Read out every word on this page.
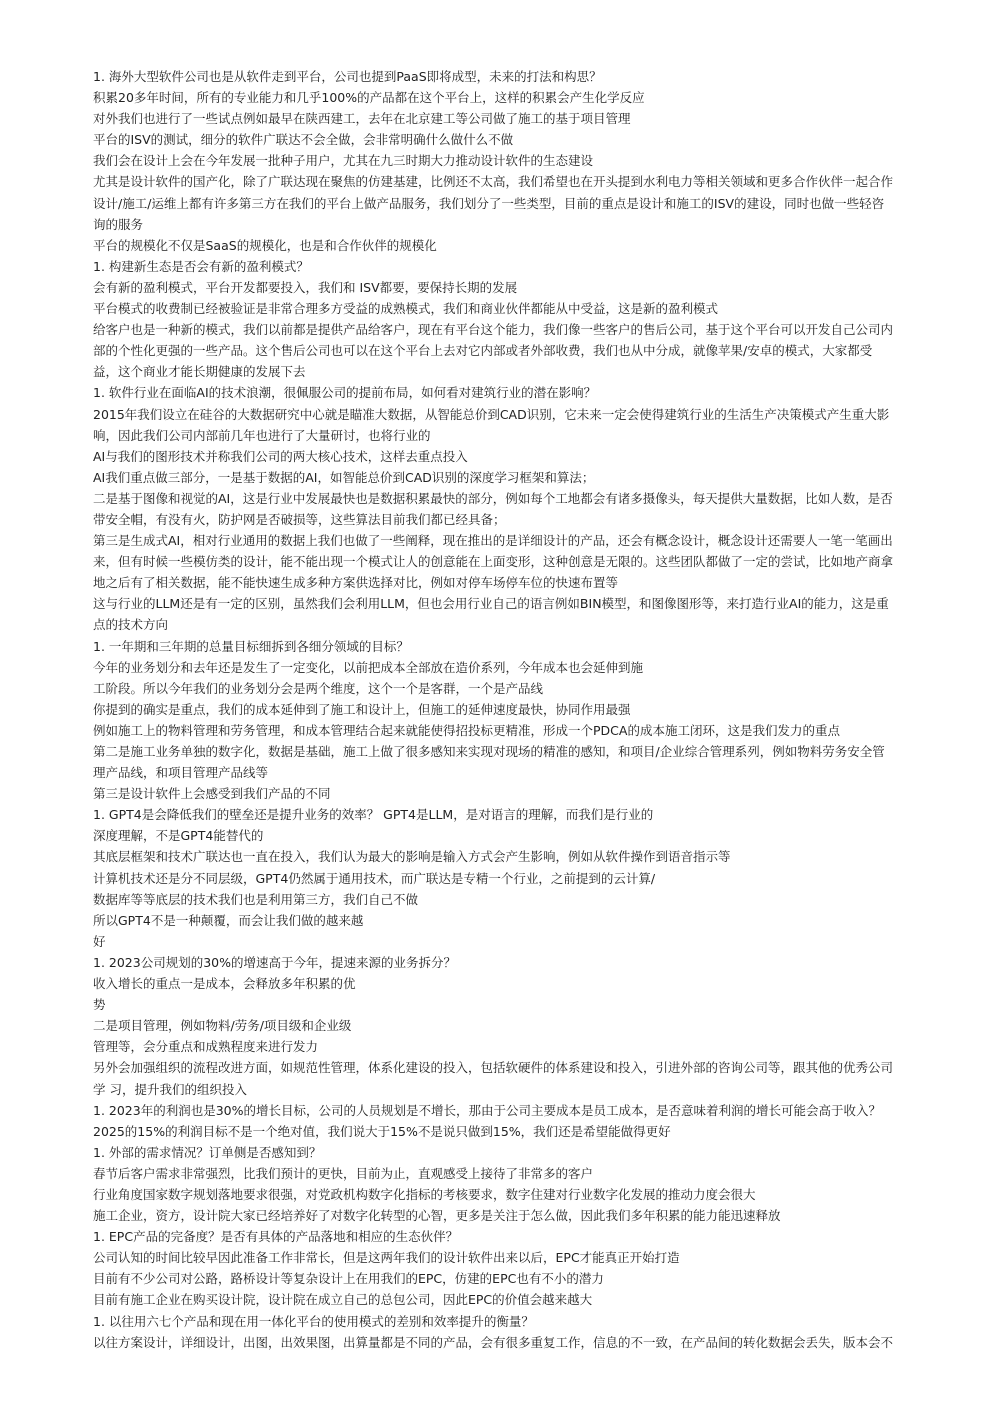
1. 海外大型软件公司也是从软件走到平台，公司也提到PaaS即将成型，未来的打法和构思？

积累20多年时间，所有的专业能力和几乎100%的产品都在这个平台上，这样的积累会产生化学反应

对外我们也进行了一些试点例如最早在陕西建工，去年在北京建工等公司做了施工的基于项目管理

平台的ISV的测试，细分的软件广联达不会全做，会非常明确什么做什么不做

我们会在设计上会在今年发展一批种子用户，尤其在九三时期大力推动设计软件的生态建设

尤其是设计软件的国产化，除了广联达现在聚焦的仿建基建，比例还不太高，我们希望也在开头提到水利电力等相关领域和更多合作伙伴一起合作

设计/施工/运维上都有许多第三方在我们的平台上做产品服务，我们划分了一些类型，目前的重点是设计和施工的ISV的建设，同时也做一些轻咨

询的服务

平台的规模化不仅是SaaS的规模化，也是和合作伙伴的规模化

1. 构建新生态是否会有新的盈利模式？

会有新的盈利模式，平台开发都要投入，我们和 ISV都要，要保持长期的发展

平台模式的收费制已经被验证是非常合理多方受益的成熟模式，我们和商业伙伴都能从中受益，这是新的盈利模式

给客户也是一种新的模式，我们以前都是提供产品给客户，现在有平台这个能力，我们像一些客户的售后公司，基于这个平台可以开发自己公司内

部的个性化更强的一些产品。这个售后公司也可以在这个平台上去对它内部或者外部收费，我们也从中分成，就像苹果/安卓的模式，大家都受

益，这个商业才能长期健康的发展下去

1. 软件行业在面临AI的技术浪潮，很佩服公司的提前布局，如何看对建筑行业的潜在影响？

2015年我们设立在硅谷的大数据研究中心就是瞄准大数据，从智能总价到CAD识别，它未来一定会使得建筑行业的生活生产决策模式产生重大影

响，因此我们公司内部前几年也进行了大量研讨，也将行业的

AI与我们的图形技术并称我们公司的两大核心技术，这样去重点投入

AI我们重点做三部分，一是基于数据的AI，如智能总价到CAD识别的深度学习框架和算法；

二是基于图像和视觉的AI，这是行业中发展最快也是数据积累最快的部分，例如每个工地都会有诸多摄像头，每天提供大量数据，比如人数，是否

带安全帽，有没有火，防护网是否破损等，这些算法目前我们都已经具备；

第三是生成式AI，相对行业通用的数据上我们也做了一些阐释，现在推出的是详细设计的产品，还会有概念设计，概念设计还需要人一笔一笔画出

来，但有时候一些模仿类的设计，能不能出现一个模式让人的创意能在上面变形，这种创意是无限的。这些团队都做了一定的尝试，比如地产商拿

地之后有了相关数据，能不能快速生成多种方案供选择对比，例如对停车场停车位的快速布置等

这与行业的LLM还是有一定的区别，虽然我们会利用LLM，但也会用行业自己的语言例如BIN模型，和图像图形等，来打造行业AI的能力，这是重

点的技术方向

1. 一年期和三年期的总量目标细拆到各细分领域的目标？

今年的业务划分和去年还是发生了一定变化，以前把成本全部放在造价系列，今年成本也会延伸到施

工阶段。所以今年我们的业务划分会是两个维度，这个一个是客群，一个是产品线

你提到的确实是重点，我们的成本延伸到了施工和设计上，但施工的延伸速度最快，协同作用最强

例如施工上的物料管理和劳务管理，和成本管理结合起来就能使得招投标更精准，形成一个PDCA的成本施工闭环，这是我们发力的重点

第二是施工业务单独的数字化，数据是基础，施工上做了很多感知来实现对现场的精准的感知，和项目/企业综合管理系列，例如物料劳务安全管

理产品线，和项目管理产品线等

第三是设计软件上会感受到我们产品的不同

1. GPT4是会降低我们的壁垒还是提升业务的效率？ GPT4是LLM，是对语言的理解，而我们是行业的

深度理解，不是GPT4能替代的

其底层框架和技术广联达也一直在投入，我们认为最大的影响是输入方式会产生影响，例如从软件操作到语音指示等

计算机技术还是分不同层级，GPT4仍然属于通用技术，而广联达是专精一个行业，之前提到的云计算/

数据库等等底层的技术我们也是利用第三方，我们自己不做

所以GPT4不是一种颠覆，而会让我们做的越来越

好

1. 2023公司规划的30%的增速高于今年，提速来源的业务拆分？

收入增长的重点一是成本，会释放多年积累的优

势

二是项目管理，例如物料/劳务/项目级和企业级

管理等，会分重点和成熟程度来进行发力

另外会加强组织的流程改进方面，如规范性管理，体系化建设的投入，包括软硬件的体系建设和投入，引进外部的咨询公司等，跟其他的优秀公司

学 习，提升我们的组织投入

1. 2023年的利润也是30%的增长目标，公司的人员规划是不增长，那由于公司主要成本是员工成本，是否意味着利润的增长可能会高于收入？

2025的15%的利润目标不是一个绝对值，我们说大于15%不是说只做到15%，我们还是希望能做得更好

1. 外部的需求情况？订单侧是否感知到？

春节后客户需求非常强烈，比我们预计的更快，目前为止，直观感受上接待了非常多的客户

行业角度国家数字规划落地要求很强，对党政机构数字化指标的考核要求，数字住建对行业数字化发展的推动力度会很大

施工企业，资方，设计院大家已经培养好了对数字化转型的心智，更多是关注于怎么做，因此我们多年积累的能力能迅速释放

1. EPC产品的完备度？是否有具体的产品落地和相应的生态伙伴？

公司认知的时间比较早因此准备工作非常长，但是这两年我们的设计软件出来以后，EPC才能真正开始打造

目前有不少公司对公路，路桥设计等复杂设计上在用我们的EPC，仿建的EPC也有不小的潜力

目前有施工企业在购买设计院，设计院在成立自己的总包公司，因此EPC的价值会越来越大

1. 以往用六七个产品和现在用一体化平台的使用模式的差别和效率提升的衡量？

以往方案设计，详细设计，出图，出效果图，出算量都是不同的产品，会有很多重复工作，信息的不一致，在产品间的转化数据会丢失，版本会不
